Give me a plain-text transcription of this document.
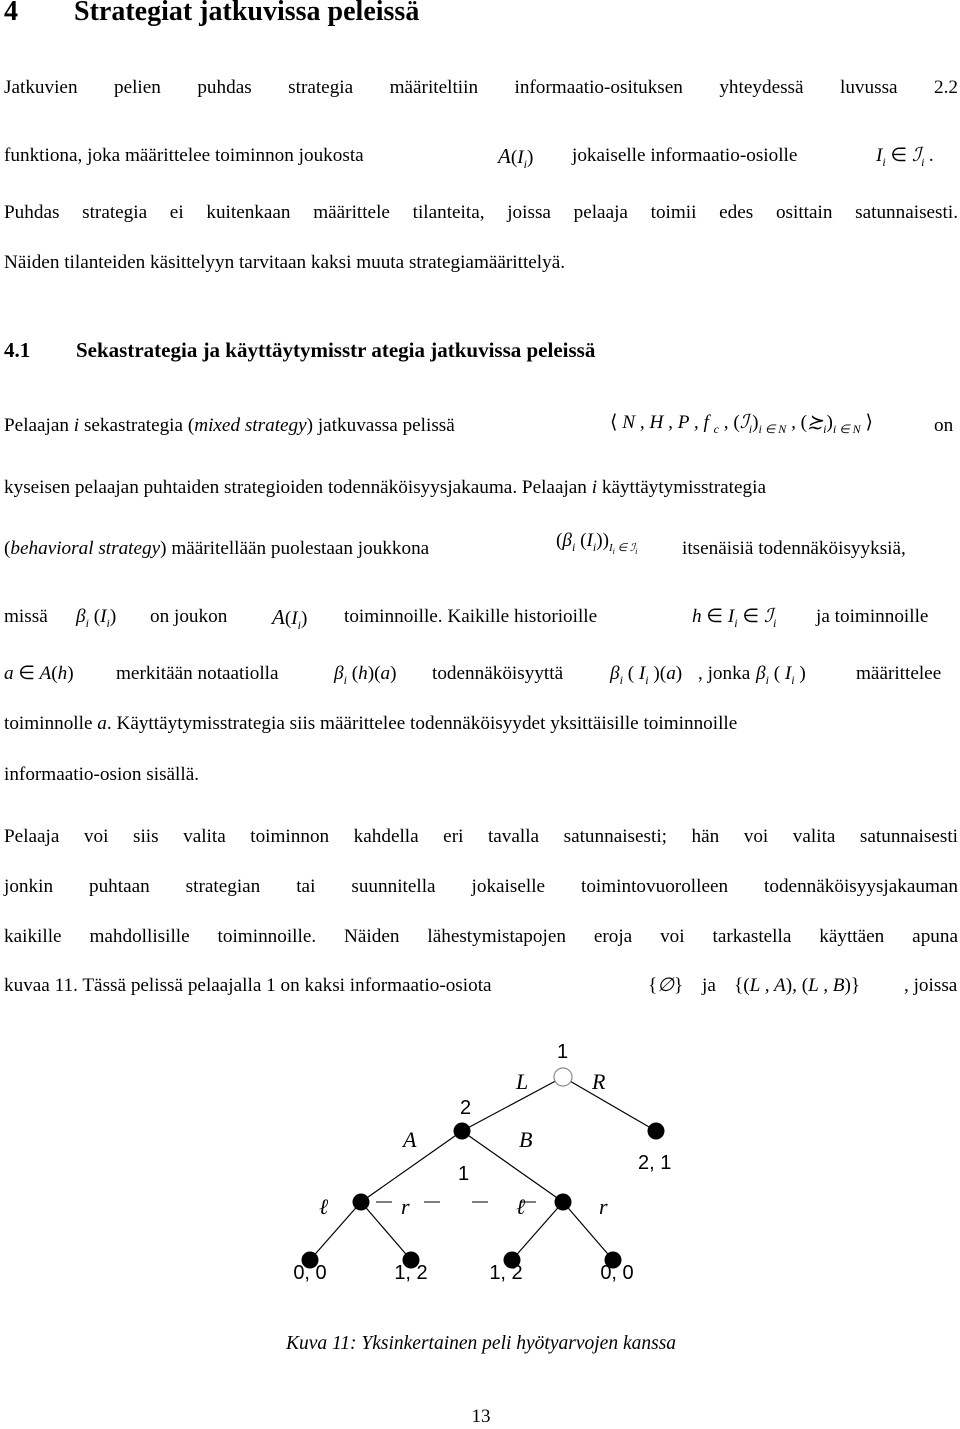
4 Strategiat jatkuvissa peleissä
Jatkuvien pelien puhdas strategia määriteltiin informaatio-osituksen yhteydessä luvussa 2.2
funktiona, joka määrittelee toiminnon joukosta	$A(I_i)$ jokaiselle informaatio-osiolle	$I_i$ ∈ ℐ$_i$ .
Puhdas strategia ei kuitenkaan määrittele tilanteita, joissa pelaaja toimii edes osittain satunnaisesti.
Näiden tilanteiden käsittelyyn tarvitaan kaksi muuta strategiamäärittelyä.
4.1 Sekastrategia ja käyttäytymisstr ategia jatkuvissa peleissä
Pelaajan i sekastrategia (mixed strategy) jatkuvassa pelissä	⟨ N , H , P , f $_c$ , $(ℐ_i)_{i \in N}$ , $(≿_i)_{i \in N}$ ⟩	on
kyseisen pelaajan puhtaiden strategioiden todennäköisyysjakauma. Pelaajan i käyttäytymisstrategia
(behavioral strategy) määritellään puolestaan joukkona	($\beta_i$ $(I_i))_{I_i \in ℐ_i}$ itsenäisiä todennäköisyyksiä,
missä $\beta_i$ $(I_i)$ on joukon $A(I_i)$ toiminnoille. Kaikille historioille	h ∈ $I_i$ ∈ ℐ$_i$ ja toiminnoille
a ∈ A(h) merkitään notaatiolla	$\beta_i$ (h)(a) todennäköisyyttä $\beta_i$ ( $I_i$ )(a) , jonka $\beta_i$ ( $I_i$ )	määrittelee
toiminnolle a. Käyttäytymisstrategia siis määrittelee todennäköisyydet yksittäisille toiminnoille
informaatio-osion sisällä.
Pelaaja voi siis valita toiminnon kahdella eri tavalla satunnaisesti; hän voi valita satunnaisesti
jonkin puhtaan strategian tai suunnitella jokaiselle toimintovuorolleen todennäköisyysjakauman
kaikille mahdollisille toiminnoille. Näiden lähestymistapojen eroja voi tarkastella käyttäen apuna
kuvaa 11. Tässä pelissä pelaajalla 1 on kaksi informaatio-osiota	{∅} ja {(L , A), (L , B)} , joissa
1
L	R
2
A	B
1	2, 1
ℓ	r	ℓ	r
0, 0	1, 2	1, 2	0, 0
Kuva 11: Yksinkertainen peli hyötyarvojen kanssa
13
